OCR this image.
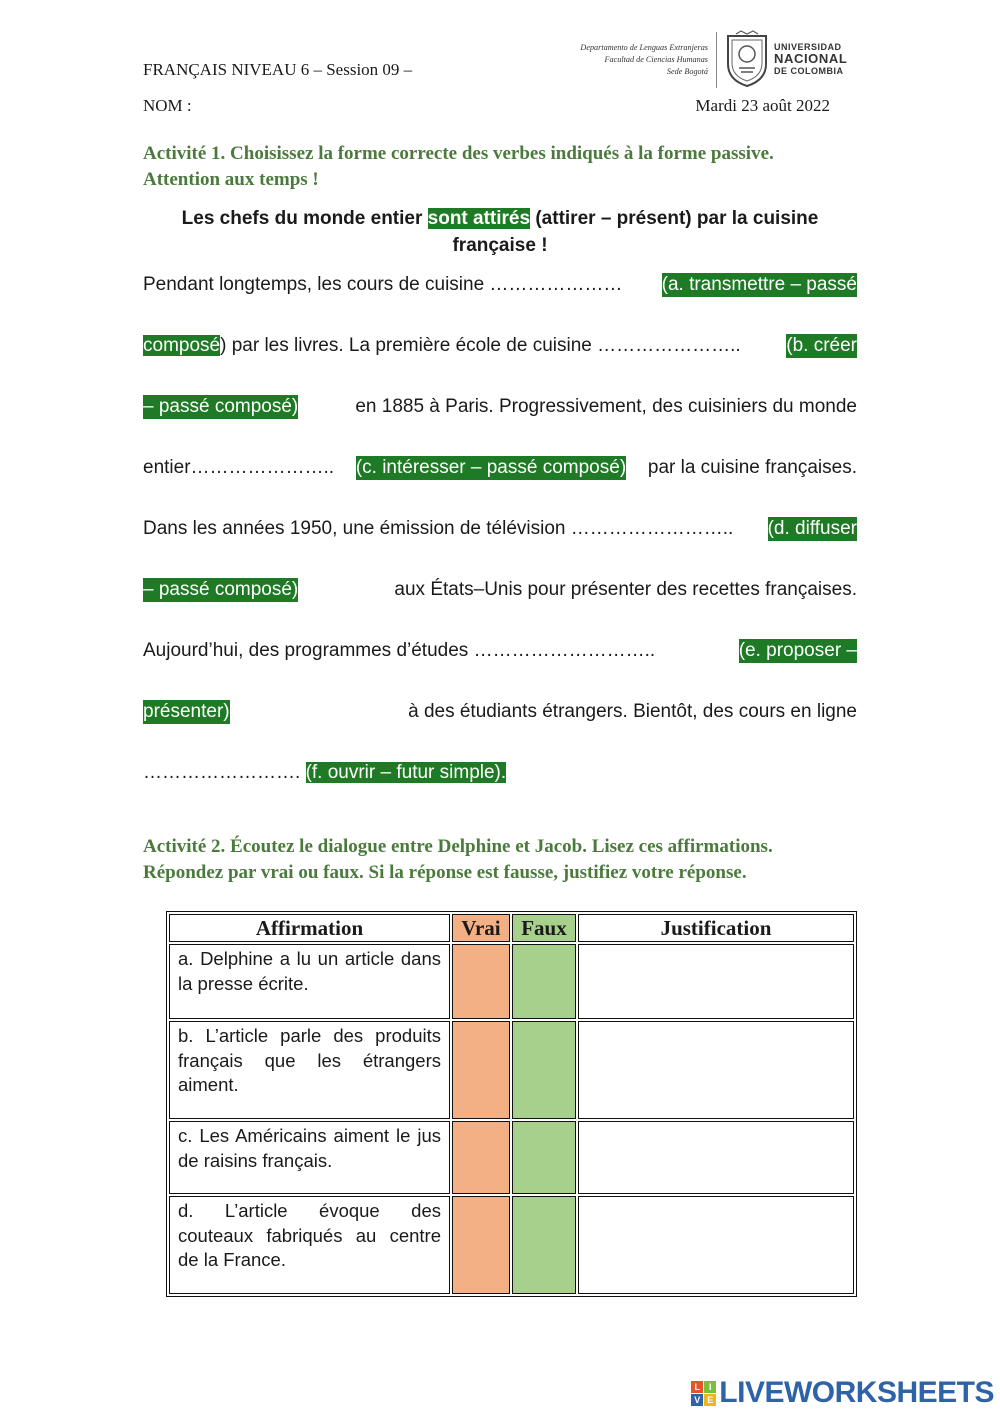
FRANÇAIS NIVEAU 6 – Session 09 –
NOM :	Mardi 23 août 2022
Departamento de Lenguas Extranjeras
Facultad de Ciencias Humanas
Sede Bogotá
UNIVERSIDAD
NACIONAL
DE COLOMBIA
Activité 1. Choisissez la forme correcte des verbes indiqués à la forme passive.
Attention aux temps !
Les chefs du monde entier sont attirés (attirer – présent) par la cuisine
française !
Pendant longtemps, les cours de cuisine ………………… (a. transmettre – passé
composé) par les livres. La première école de cuisine ………………….. (b. créer
– passé composé)	en 1885 à Paris. Progressivement, des cuisiniers du monde
entier………………….. (c. intéresser – passé composé) par la cuisine françaises.
Dans les années 1950, une émission de télévision …………………….. (d. diffuser
– passé composé)	aux États–Unis pour présenter des recettes françaises.
Aujourd’hui, des programmes d’études ………………………..	(e. proposer –
présenter)	à des étudiants étrangers. Bientôt, des cours en ligne
……………………. (f. ouvrir – futur simple).
Activité 2. Écoutez le dialogue entre Delphine et Jacob. Lisez ces affirmations.
Répondez par vrai ou faux. Si la réponse est fausse, justifiez votre réponse.
Affirmation	Vrai	Faux	Justification
a. Delphine a lu un article dans la presse écrite.			
b. L’article parle des produits français que les étrangers aiment.			
c. Les Américains aiment le jus de raisins français.			
d. L’article évoque des couteaux fabriqués au centre de la France.			
L I
V E LIVEWORKSHEETS
